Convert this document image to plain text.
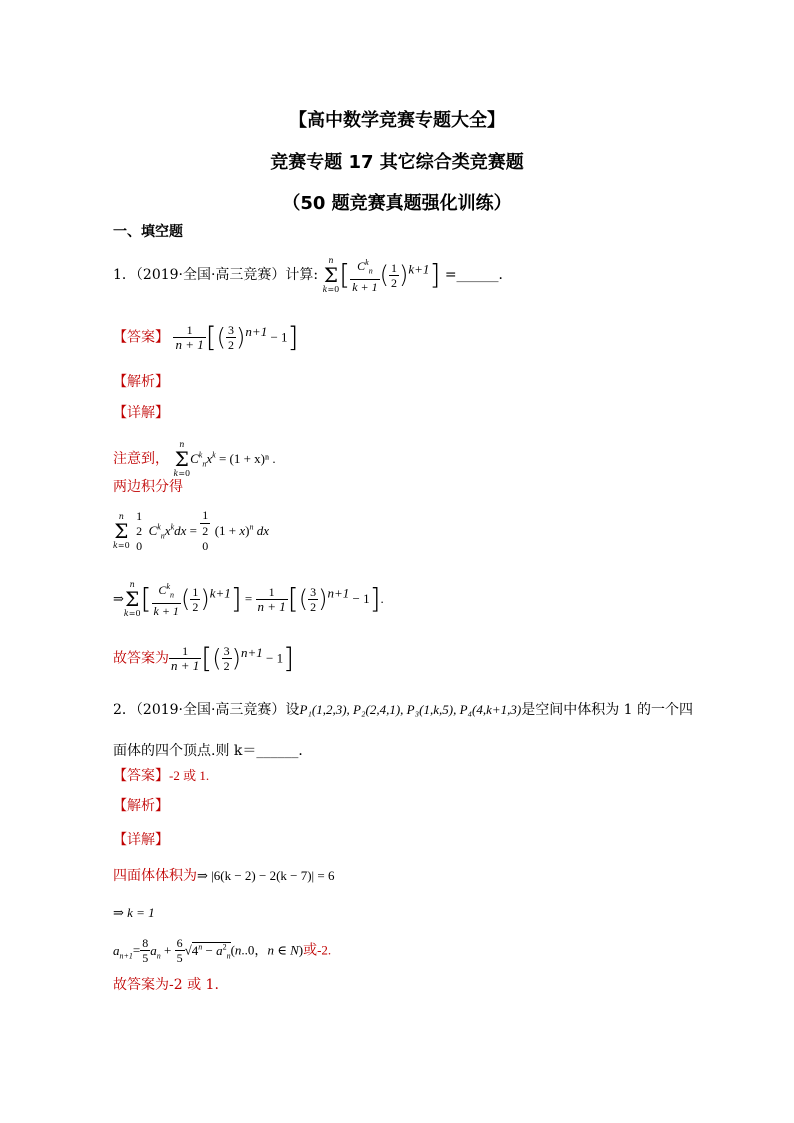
【高中数学竞赛专题大全】
竞赛专题 17 其它综合类竞赛题
（50 题竞赛真题强化训练）
一、填空题
1．（2019·全国·高三竞赛）计算: n
Σ
$k=0[ \frac{C^k_n}{k + 1}$ ( $\frac{1}{2} )^{k+1}$] =______．
【答案】 $\frac{1}{n + 1}$ [( $\frac{3}{2} )^{n+1} - 1$]
【解析】
【详解】
注意到， n
Σ
$k=0C^k_nx^k = (1 + x)^n$ .
两边积分得
n
Σ
k=0
1
2
0
$C^k_nx^kdx$ =
1
2
0
$(1 + x)^n$ dx
⇒n
Σ
$k=0[ \frac{C^k_n}{k + 1}$ ( $\frac{1}{2} )^{k+1}] = \frac{1}{n + 1}$ [( $\frac{3}{2} )^{n+1} - 1$].
故答案为 $\frac{1}{n + 1}$ [( $\frac{3}{2} )^{n+1} - 1$]
2．（2019·全国·高三竞赛）设P₁(1,2,3), P₂(2,4,1), P₃(1,k,5), P₄(4,k+1,3)是空间中体积为 1 的一个四
面体的四个顶点.则 k＝______．
【答案】-2 或 1.
【解析】
【详解】
四面体体积为⇒ |6(k − 2) − 2(k − 7)| = 6
⇒ k = 1
$a_{n+1}= \frac{8}{5} a_n + \frac{6}{5} √4^n - a^2_n(n..0$，n ∈ N)或-2.
故答案为-2 或 1.
